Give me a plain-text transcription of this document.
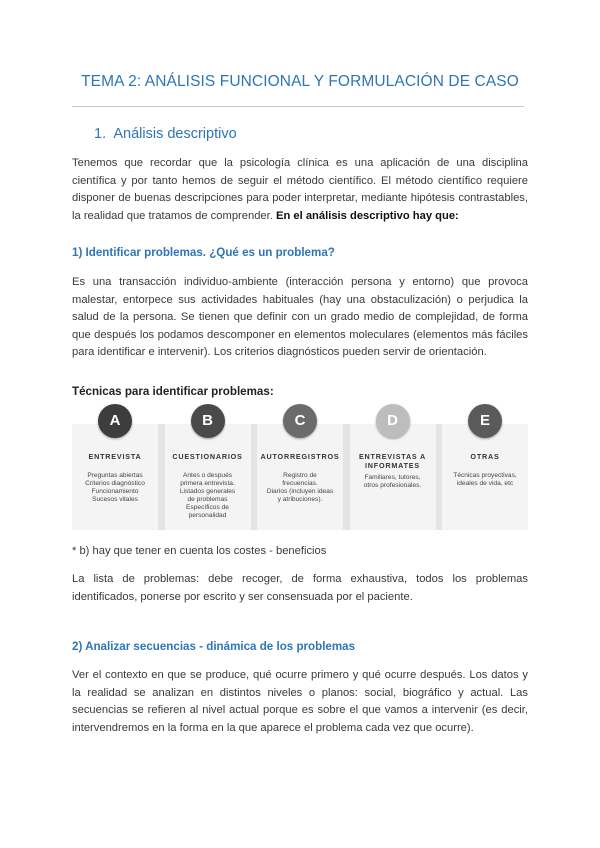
TEMA 2: ANÁLISIS FUNCIONAL Y FORMULACIÓN DE CASO
1. Análisis descriptivo
Tenemos que recordar que la psicología clínica es una aplicación de una disciplina científica y por tanto hemos de seguir el método científico. El método científico requiere disponer de buenas descripciones para poder interpretar, mediante hipótesis contrastables, la realidad que tratamos de comprender. En el análisis descriptivo hay que:
1) Identificar problemas. ¿Qué es un problema?
Es una transacción individuo-ambiente (interacción persona y entorno) que provoca malestar, entorpece sus actividades habituales (hay una obstaculización) o perjudica la salud de la persona. Se tienen que definir con un grado medio de complejidad, de forma que después los podamos descomponer en elementos moleculares (elementos más fáciles para identificar e intervenir). Los criterios diagnósticos pueden servir de orientación.
Técnicas para identificar problemas:
A
ENTREVISTA
Preguntas abiertas
Criterios diagnóstico
Funcionamiento
Sucesos vitales
B
CUESTIONARIOS
Antes o después
primera entrevista.
Listados generales
de problemas
Específicos de
personalidad
C
AUTORREGISTROS
Registro de
frecuencias.
Diarios (incluyen ideas
y atribuciones).
D
ENTREVISTAS A
INFORMATES
Familiares, tutores,
otros profesionales.
E
OTRAS
Técnicas proyectivas,
ideales de vida, etc
* b) hay que tener en cuenta los costes - beneficios
La lista de problemas: debe recoger, de forma exhaustiva, todos los problemas identificados, ponerse por escrito y ser consensuada por el paciente.
2) Analizar secuencias - dinámica de los problemas
Ver el contexto en que se produce, qué ocurre primero y qué ocurre después. Los datos y la realidad se analizan en distintos niveles o planos: social, biográfico y actual. Las secuencias se refieren al nivel actual porque es sobre el que vamos a intervenir (es decir, intervendremos en la forma en la que aparece el problema cada vez que ocurre).
